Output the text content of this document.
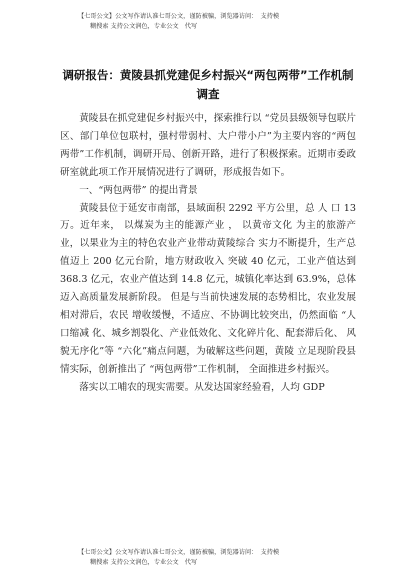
【七哥公文】公文写作请认准七哥公文，谨防被骗，浏览器访问：　支持模
糊搜索 支持公文润色，专业公文　代写
调研报告：黄陵县抓党建促乡村振兴“两包两带”工作机制
调查

黄陵县在抓党建促乡村振兴中，探索推行以 “党员县级领导包联片区、部门单位包联村，强村带弱村、大户带小户”为主要内容的“两包两带”工作机制，调研开局、创新开路，进行了积极探索。近期市委政研室就此项工作开展情况进行了调研，形成报告如下。

一、“两包两带” 的提出背景

黄陵县位于延安市南部，县域面积 2292 平方公里，总 人 口 13 万。近年来， 以煤炭为主的能源产业 ， 以黄帝文化 为主的旅游产业，以果业为主的特色农业产业带动黄陵综合 实力不断提升，生产总值迈上 200 亿元台阶，地方财政收入 突破 40 亿元，工业产值达到 368.3 亿元，农业产值达到 14.8 亿元，城镇化率达到 63.9%，总体迈入高质量发展新阶段。 但是与当前快速发展的态势相比，农业发展相对滞后，农民 增收缓慢，不适应、不协调比较突出，仍然面临 “人口缩减 化、城乡割裂化、产业低效化、文化碎片化、配套滞后化、 风貌无序化”等 “六化”痛点问题，为破解这些问题，黄陵 立足现阶段县情实际，创新推出了 “两包两带”工作机制， 全面推进乡村振兴。

落实以工哺农的现实需要。从发达国家经验看，人均 GDP

【七哥公文】公文写作请认准七哥公文，谨防被骗，浏览器访问：　支持模
糊搜索 支持公文润色，专业公文　代写
